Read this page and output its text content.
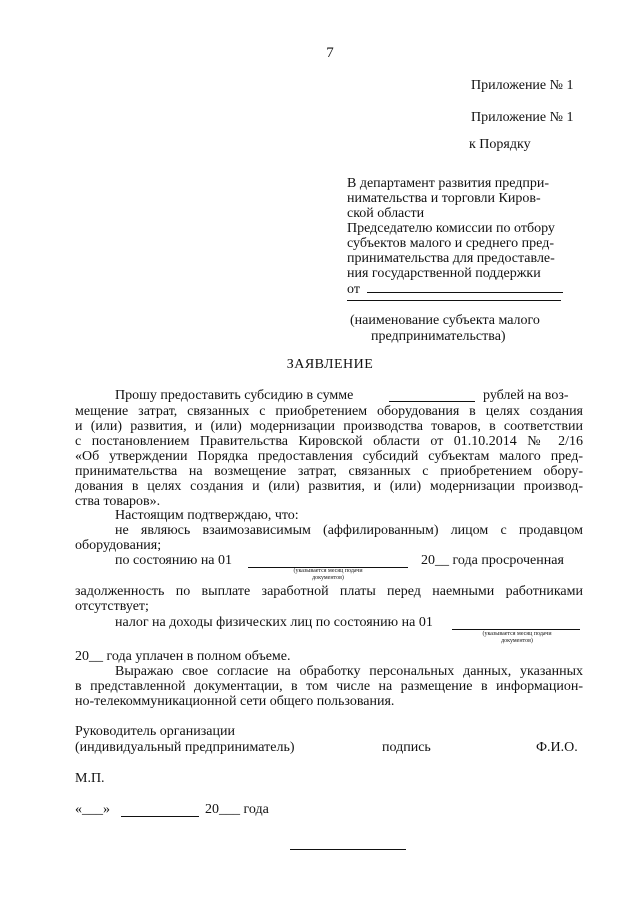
7
Приложение № 1
Приложение № 1
к Порядку
В департамент развития предпри-
нимательства и торговли Киров-
ской области
Председателю комиссии по отбору
субъектов малого и среднего пред-
принимательства для предоставле-
ния государственной поддержки
от
(наименование субъекта малого
предпринимательства)
ЗАЯВЛЕНИЕ
Прошу предоставить субсидию в сумме	рублей на воз-
мещение затрат, связанных с приобретением оборудования в целях создания
и (или) развития, и (или) модернизации производства товаров, в соответствии
с постановлением Правительства Кировской области от 01.10.2014 № 2/16
«Об утверждении Порядка предоставления субсидий субъектам малого пред-
принимательства на возмещение затрат, связанных с приобретением обору-
дования в целях создания и (или) развития, и (или) модернизации производ-
ства товаров».
Настоящим подтверждаю, что:
не являюсь взаимозависимым (аффилированным) лицом с продавцом
оборудования;
по состоянию на 01	20__ года просроченная
(указывается месяц подачи
документов)
задолженность по выплате заработной платы перед наемными работниками
отсутствует;
налог на доходы физических лиц по состоянию на 01
(указывается месяц подачи
документов)
20__ года уплачен в полном объеме.
Выражаю свое согласие на обработку персональных данных, указанных
в представленной документации, в том числе на размещение в информацион-
но-телекоммуникационной сети общего пользования.
Руководитель организации
(индивидуальный предприниматель)	подпись	Ф.И.О.
М.П.
«___»	20___ года
